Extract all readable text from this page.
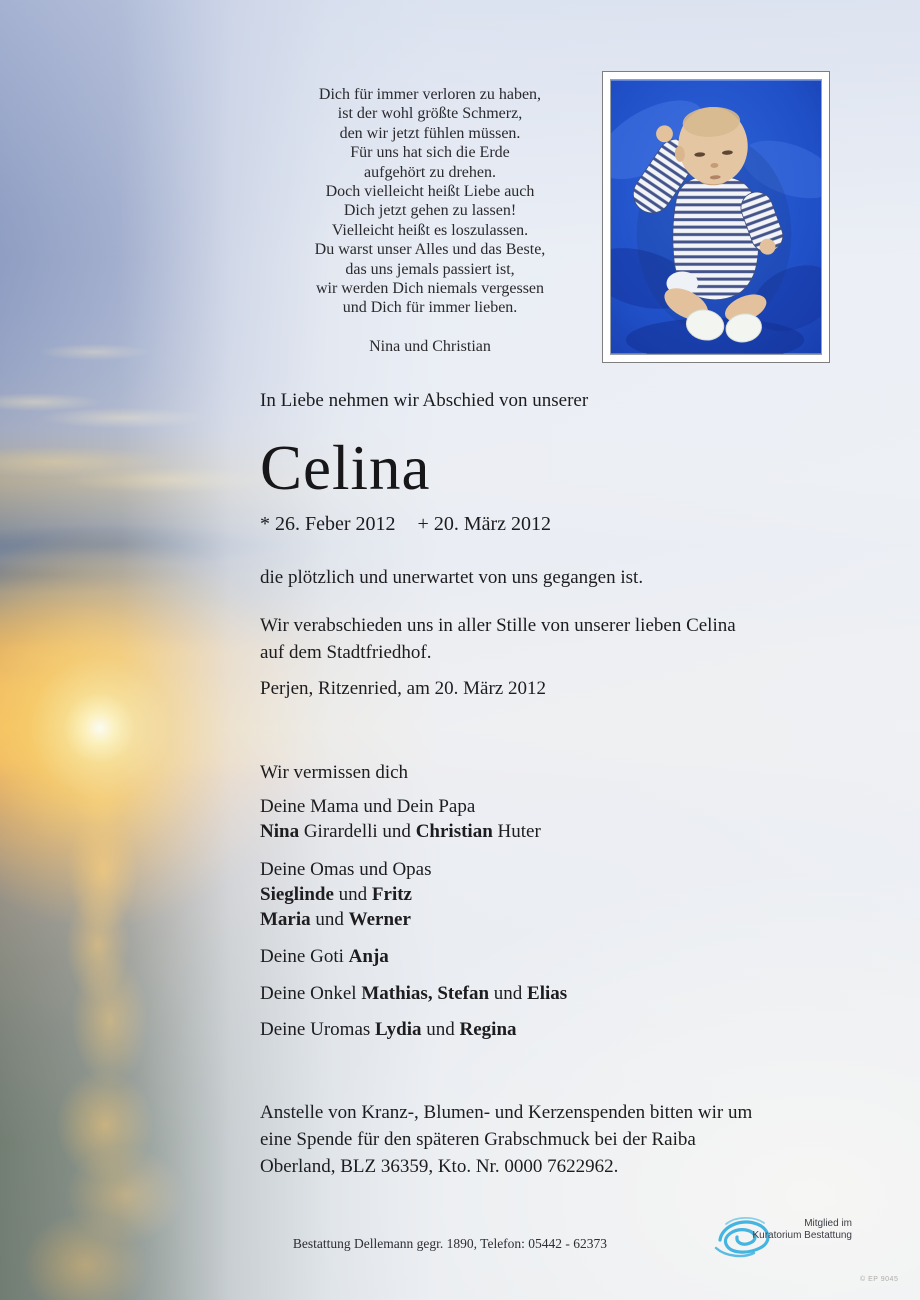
Dich für immer verloren zu haben,
ist der wohl größte Schmerz,
den wir jetzt fühlen müssen.
Für uns hat sich die Erde
aufgehört zu drehen.
Doch vielleicht heißt Liebe auch
Dich jetzt gehen zu lassen!
Vielleicht heißt es loszulassen.
Du warst unser Alles und das Beste,
das uns jemals passiert ist,
wir werden Dich niemals vergessen
und Dich für immer lieben.
Nina und Christian

In Liebe nehmen wir Abschied von unserer

Celina

* 26. Feber 2012 + 20. März 2012

die plötzlich und unerwartet von uns gegangen ist.

Wir verabschieden uns in aller Stille von unserer lieben Celina
auf dem Stadtfriedhof.

Perjen, Ritzenried, am 20. März 2012

Wir vermissen dich

Deine Mama und Dein Papa
Nina Girardelli und Christian Huter
Deine Omas und Opas
Sieglinde und Fritz
Maria und Werner
Deine Goti Anja
Deine Onkel Mathias, Stefan und Elias
Deine Uromas Lydia und Regina
Anstelle von Kranz-, Blumen- und Kerzenspenden bitten wir um
eine Spende für den späteren Grabschmuck bei der Raiba
Oberland, BLZ 36359, Kto. Nr. 0000 7622962.
Bestattung Dellemann gegr. 1890, Telefon: 05442 - 62373
Mitglied im
Kuratorium Bestattung
© EP 9045
